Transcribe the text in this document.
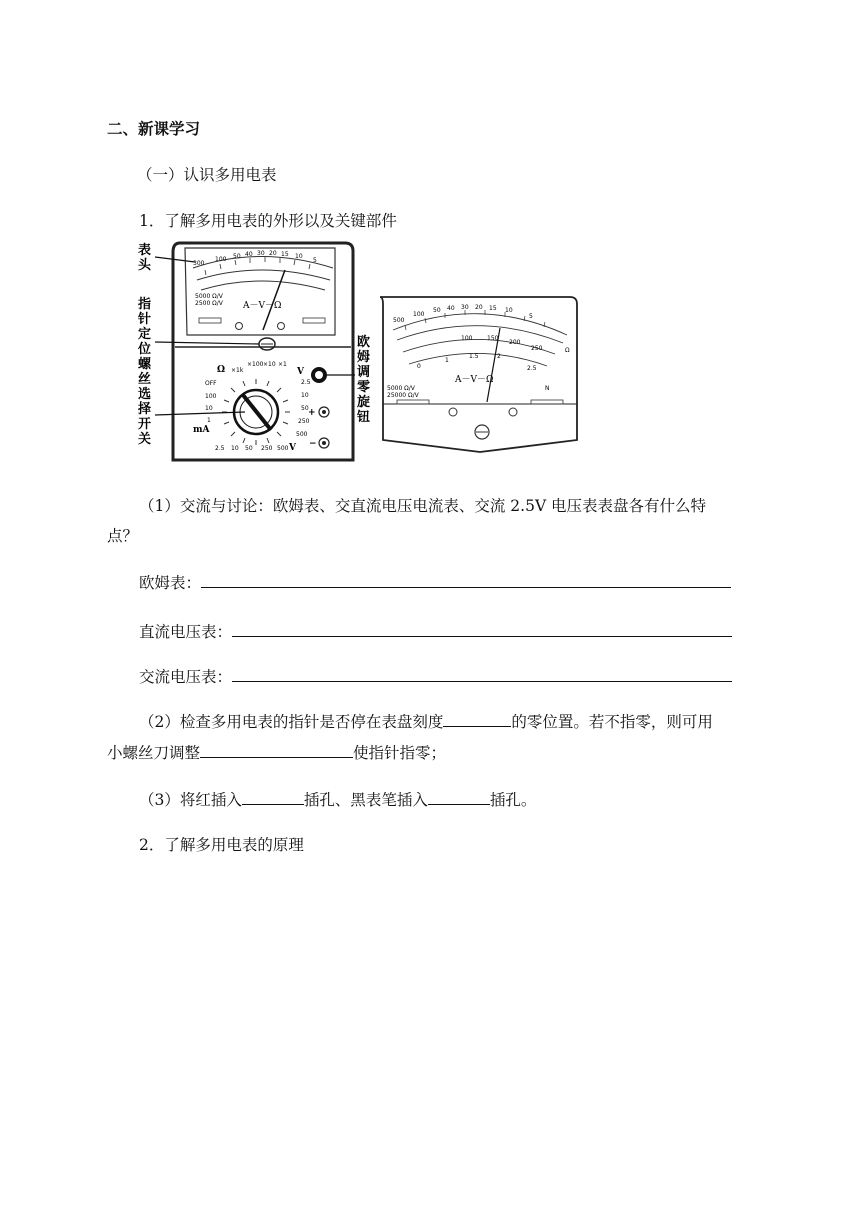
二、新课学习
（一）认识多用电表
1．了解多用电表的外形以及关键部件
5000 Ω/V
2500 Ω/V A－V－Ω
300
100 50 40 30 20 15 10
5
Ω	V
mA
OFF
×1k
×100 ×10 ×1
100
10
1
2.5
10
50
250
500
2.5 10 50 250 500 V
+
−
表
头
指
针
定
位
螺
丝
选
择
开
关
欧
姆
调
零
旋
钮
500
100
50 40 30 20 15 10
5
100 150
200
250
0
1
1.5	2
2.5
A－V－Ω
5000 Ω/V
25000 Ω/V
N
Ω
（1）交流与讨论：欧姆表、交直流电压电流表、交流 2.5V 电压表表盘各有什么特
点？
欧姆表：
直流电压表：
交流电压表：
（2）检查多用电表的指针是否停在表盘刻度	的零位置。若不指零，则可用
小螺丝刀调整	使指针指零；
（3）将红插入	插孔、黑表笔插入	插孔。
2．了解多用电表的原理
